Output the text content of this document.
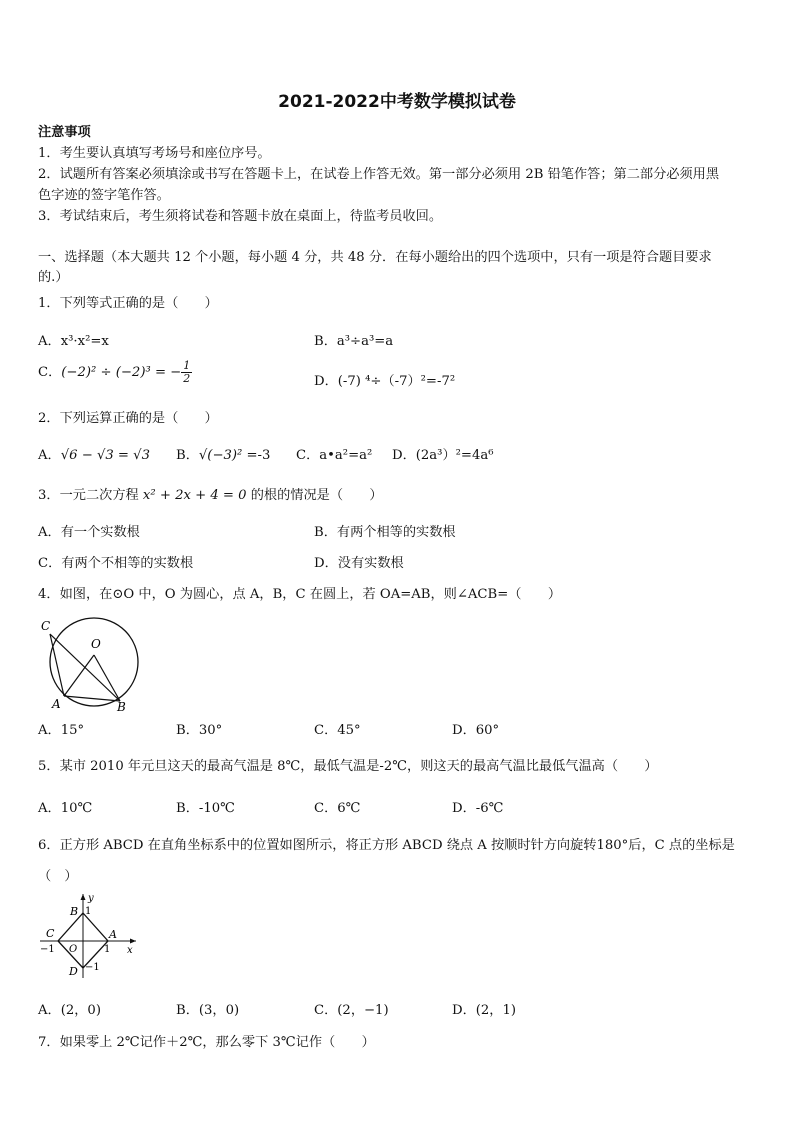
2021-2022中考数学模拟试卷
注意事项
1．考生要认真填写考场号和座位序号。
2．试题所有答案必须填涂或书写在答题卡上，在试卷上作答无效。第一部分必须用 2B 铅笔作答；第二部分必须用黑
色字迹的签字笔作答。
3．考试结束后，考生须将试卷和答题卡放在桌面上，待监考员收回。
一、选择题（本大题共 12 个小题，每小题 4 分，共 48 分．在每小题给出的四个选项中，只有一项是符合题目要求
的.）
1．下列等式正确的是（　　）
A．x³·x²=x	B．a³÷a³=a
C．(−2)² ÷ (−2)³ = − $\frac{1}{2}$	D．(-7) ⁴÷（-7）²=-7²
2．下列运算正确的是（　　）
A．√6 − √3 = √3 B．√(−3)² =-3 C．a•a²=a² D．(2a³）²=4a⁶
3．一元二次方程 x² + 2x + 4 = 0 的根的情况是（　　）
A．有一个实数根	B．有两个相等的实数根
C．有两个不相等的实数根	D．没有实数根
4．如图，在⊙O 中，O 为圆心，点 A，B，C 在圆上，若 OA=AB，则∠ACB=（　　）
C
O
A	B
A．15°	B．30°	C．45°	D．60°
5．某市 2010 年元旦这天的最高气温是 8℃，最低气温是-2℃，则这天的最高气温比最低气温高（　　）
A．10℃	B．-10℃	C．6℃	D．-6℃
6．正方形 ABCD 在直角坐标系中的位置如图所示，将正方形 ABCD 绕点 A 按顺时针方向旋转180°后，C 点的坐标是
（　）
y
x
B 1
C	A
−1 O	1
D −1
A．(2，0)	B．(3，0)	C．(2，−1)	D．(2，1)
7．如果零上 2℃记作＋2℃，那么零下 3℃记作（　　）
